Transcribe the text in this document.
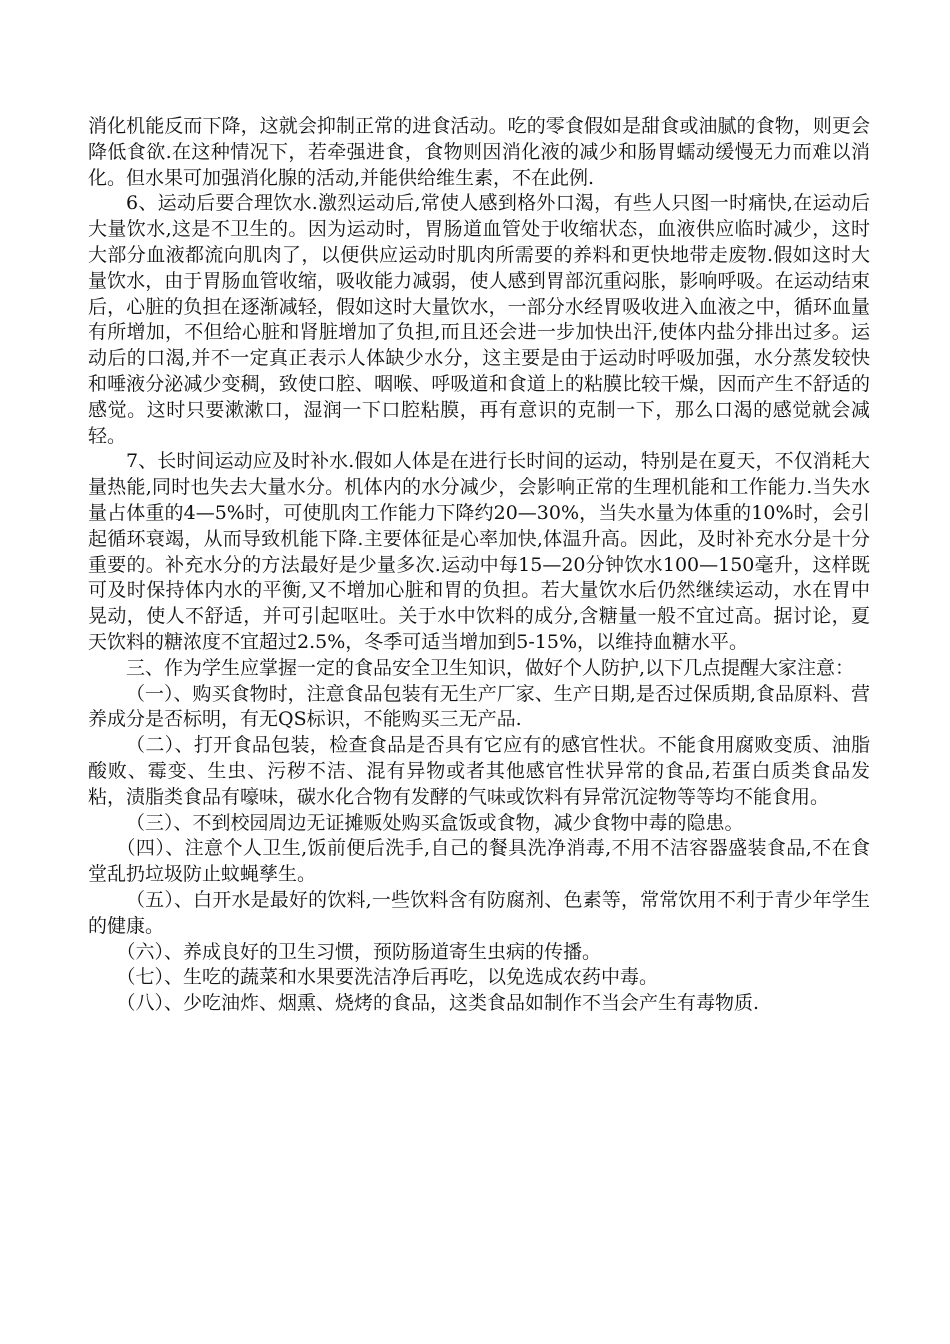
消化机能反而下降，这就会抑制正常的进食活动。吃的零食假如是甜食或油腻的食物，则更会降低食欲.在这种情况下，若牵强进食，食物则因消化液的减少和肠胃蠕动缓慢无力而难以消化。但水果可加强消化腺的活动,并能供给维生素，不在此例.

6、运动后要合理饮水.激烈运动后,常使人感到格外口渴，有些人只图一时痛快,在运动后大量饮水,这是不卫生的。因为运动时，胃肠道血管处于收缩状态，血液供应临时减少，这时大部分血液都流向肌肉了，以便供应运动时肌肉所需要的养料和更快地带走废物.假如这时大量饮水，由于胃肠血管收缩，吸收能力减弱，使人感到胃部沉重闷胀，影响呼吸。在运动结束后，心脏的负担在逐渐减轻，假如这时大量饮水，一部分水经胃吸收进入血液之中，循环血量有所增加，不但给心脏和肾脏增加了负担,而且还会进一步加快出汗,使体内盐分排出过多。运动后的口渴,并不一定真正表示人体缺少水分，这主要是由于运动时呼吸加强，水分蒸发较快和唾液分泌减少变稠，致使口腔、咽喉、呼吸道和食道上的粘膜比较干燥，因而产生不舒适的感觉。这时只要漱漱口，湿润一下口腔粘膜，再有意识的克制一下，那么口渴的感觉就会减轻。

7、长时间运动应及时补水.假如人体是在进行长时间的运动，特别是在夏天，不仅消耗大量热能,同时也失去大量水分。机体内的水分减少，会影响正常的生理机能和工作能力.当失水量占体重的4—5%时，可使肌肉工作能力下降约20—30%，当失水量为体重的10%时，会引起循环衰竭，从而导致机能下降.主要体征是心率加快,体温升高。因此，及时补充水分是十分重要的。补充水分的方法最好是少量多次.运动中每15—20分钟饮水100—150毫升，这样既可及时保持体内水的平衡,又不增加心脏和胃的负担。若大量饮水后仍然继续运动，水在胃中晃动，使人不舒适，并可引起呕吐。关于水中饮料的成分,含糖量一般不宜过高。据讨论，夏天饮料的糖浓度不宜超过2.5%，冬季可适当增加到5-15%，以维持血糖水平。

三、作为学生应掌握一定的食品安全卫生知识，做好个人防护,以下几点提醒大家注意：

（一）、购买食物时，注意食品包装有无生产厂家、生产日期,是否过保质期,食品原料、营养成分是否标明，有无QS标识，不能购买三无产品.

（二）、打开食品包装，检查食品是否具有它应有的感官性状。不能食用腐败变质、油脂酸败、霉变、生虫、污秽不洁、混有异物或者其他感官性状异常的食品,若蛋白质类食品发粘，渍脂类食品有嚎味，碳水化合物有发酵的气味或饮料有异常沉淀物等等均不能食用。

（三）、不到校园周边无证摊贩处购买盒饭或食物，减少食物中毒的隐患。

（四）、注意个人卫生,饭前便后洗手,自己的餐具洗净消毒,不用不洁容器盛装食品,不在食堂乱扔垃圾防止蚊蝇孳生。

（五）、白开水是最好的饮料,一些饮料含有防腐剂、色素等，常常饮用不利于青少年学生的健康。

（六）、养成良好的卫生习惯，预防肠道寄生虫病的传播。

（七）、生吃的蔬菜和水果要洗洁净后再吃，以免选成农药中毒。

（八）、少吃油炸、烟熏、烧烤的食品，这类食品如制作不当会产生有毒物质.
